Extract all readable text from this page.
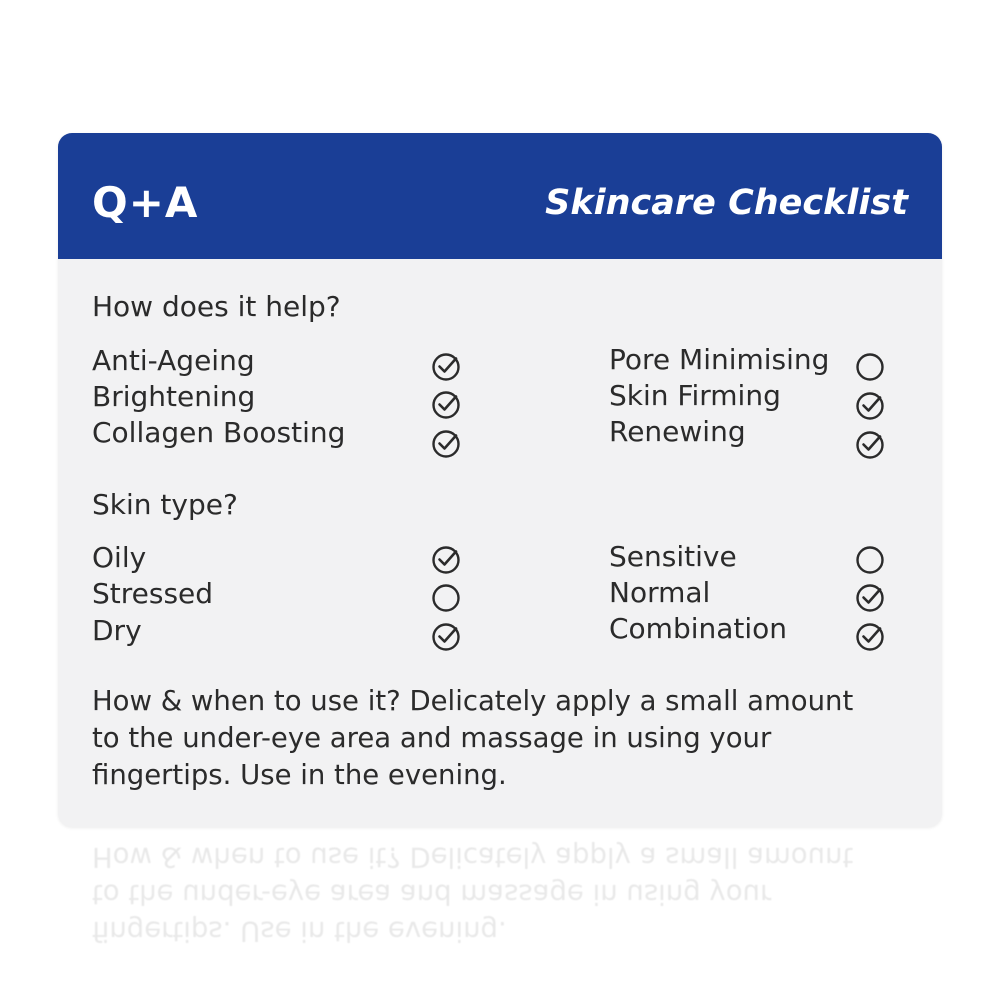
Q+A	Skincare Checklist
How does it help?
Anti-Ageing
Brightening
Collagen Boosting
Pore Minimising
Skin Firming
Renewing
Skin type?
Oily
Stressed
Dry
Sensitive
Normal
Combination
How & when to use it? Delicately apply a small amount
to the under-eye area and massage in using your
fingertips. Use in the evening.
fingertips. Use in the evening.
to the under-eye area and massage in using your
How & when to use it? Delicately apply a small amount
